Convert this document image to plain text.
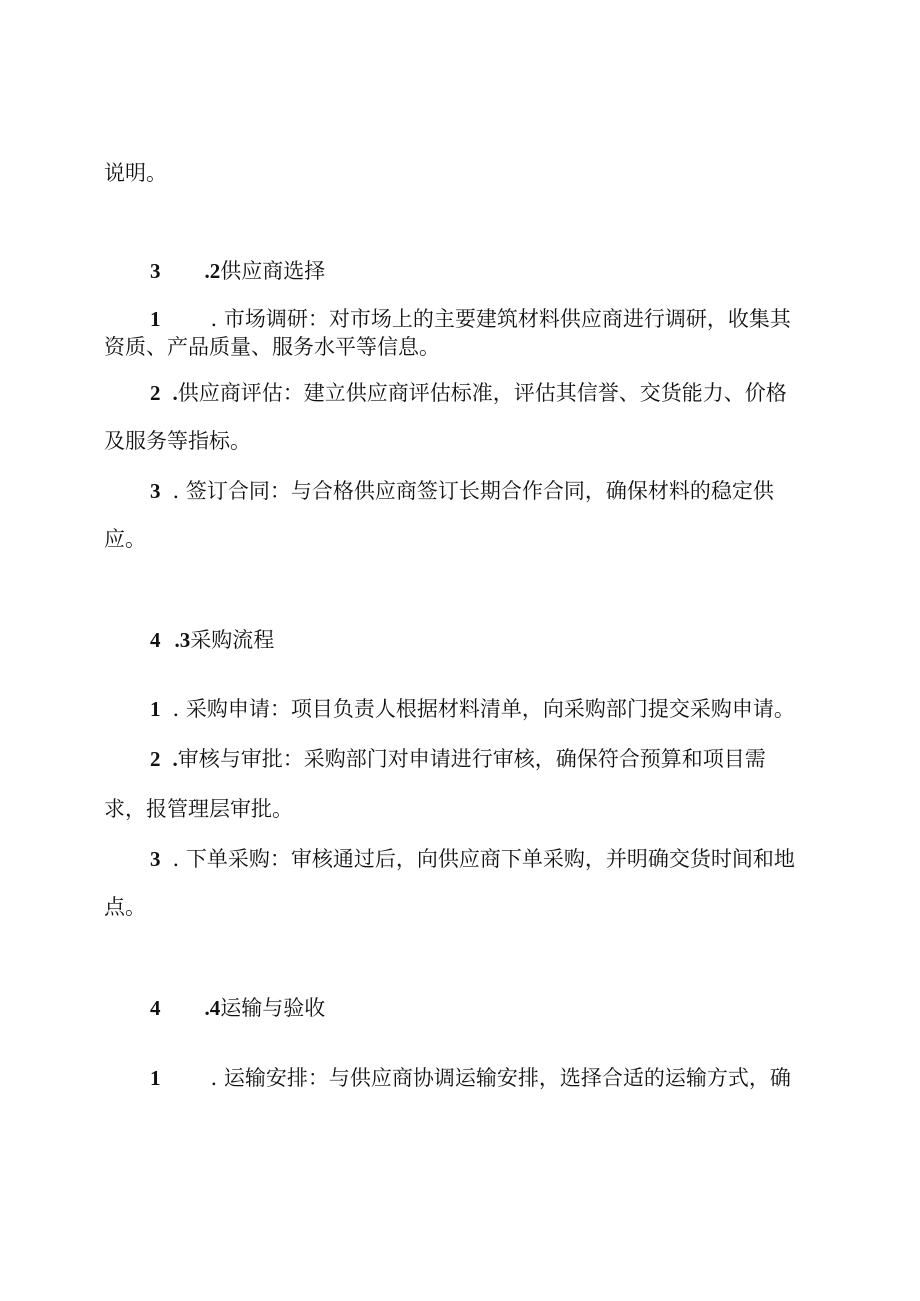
说明。
3 .2供应商选择
1 . 市场调研：对市场上的主要建筑材料供应商进行调研，收集其
资质、产品质量、服务水平等信息。
2 .供应商评估：建立供应商评估标准，评估其信誉、交货能力、价格
及服务等指标。
3 . 签订合同：与合格供应商签订长期合作合同，确保材料的稳定供
应。
4 .3采购流程
1 . 采购申请：项目负责人根据材料清单，向采购部门提交采购申请。
2 .审核与审批：采购部门对申请进行审核，确保符合预算和项目需
求，报管理层审批。
3 . 下单采购：审核通过后，向供应商下单采购，并明确交货时间和地
点。
4 .4运输与验收
1 . 运输安排：与供应商协调运输安排，选择合适的运输方式，确
